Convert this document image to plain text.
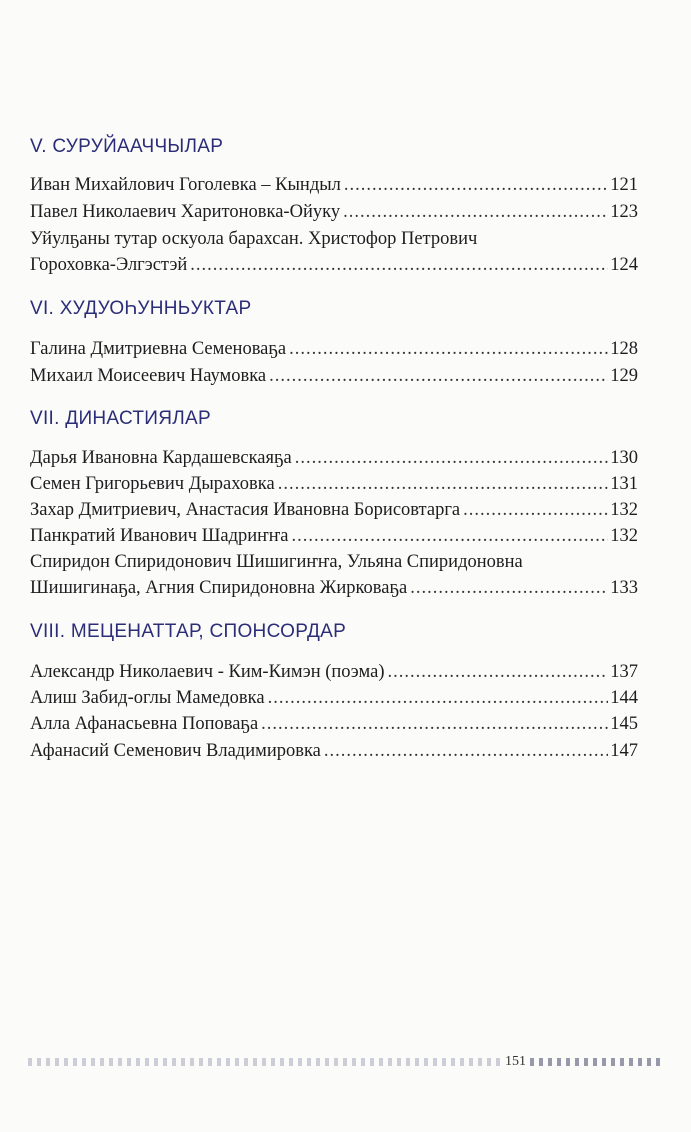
V. СУРУЙААЧЧЫЛАР
Иван Михайлович Гоголевка – Кындыл .....	121
Павел Николаевич Харитоновка-Ойуку .....	123
Уйулҕаны тутар оскуола барахсан. Христофор Петрович
Гороховка-Элгэстэй .....	124
VI. ХУДУОҺУННЬУКТАР
Галина Дмитриевна Семеноваҕа .....	128
Михаил Моисеевич Наумовка .....	129
VII. ДИНАСТИЯЛАР
Дарья Ивановна Кардашевскаяҕа .....	130
Семен Григорьевич Дыраховка .....	131
Захар Дмитриевич, Анастасия Ивановна Борисовтарга .....	132
Панкратий Иванович Шадриҥҥа .....	132
Спиридон Спиридонович Шишигиҥҥа, Ульяна Спиридоновна
Шишигинаҕа, Агния Спиридоновна Жирковаҕа .....	133
VIII. МЕЦЕНАТТАР, СПОНСОРДАР
Александр Николаевич - Ким-Кимэн (поэма) .....	137
Алиш Забид-оглы Мамедовка .....	144
Алла Афанасьевна Поповаҕа .....	145
Афанасий Семенович Владимировка .....	147
151
